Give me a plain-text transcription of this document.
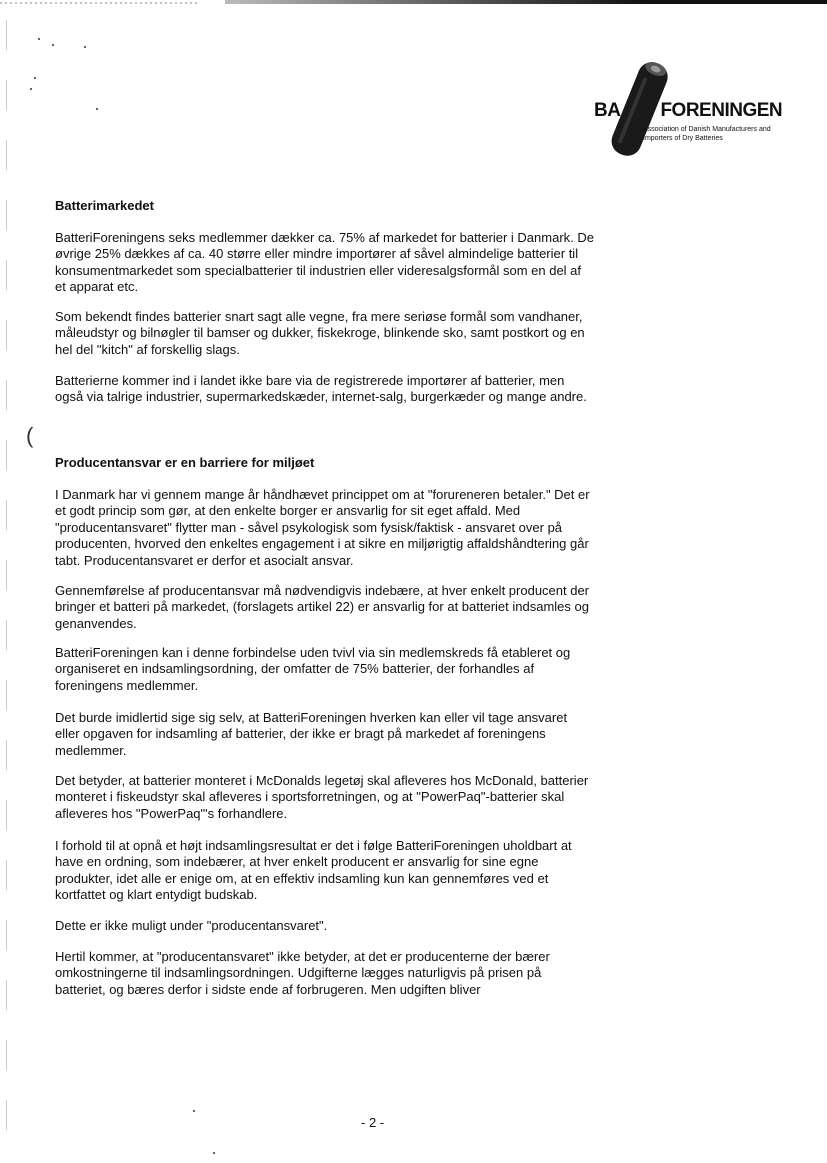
(
BA FORENINGEN
Association of Danish Manufacturers and Importers of Dry Batteries
Batterimarkedet
BatteriForeningens seks medlemmer dækker ca. 75% af markedet for batterier i Danmark. De øvrige 25% dækkes af ca. 40 større eller mindre importører af såvel almindelige batterier til konsumentmarkedet som specialbatterier til industrien eller videresalgsformål som en del af et apparat etc.
Som bekendt findes batterier snart sagt alle vegne, fra mere seriøse formål som vandhaner, måleudstyr og bilnøgler til bamser og dukker, fiskekroge, blinkende sko, samt postkort og en hel del "kitch" af forskellig slags.
Batterierne kommer ind i landet ikke bare via de registrerede importører af batterier, men også via talrige industrier, supermarkedskæder, internet-salg, burgerkæder og mange andre.
Producentansvar er en barriere for miljøet
I Danmark har vi gennem mange år håndhævet princippet om at "forureneren betaler." Det er et godt princip som gør, at den enkelte borger er ansvarlig for sit eget affald. Med "producentansvaret" flytter man - såvel psykologisk som fysisk/faktisk - ansvaret over på producenten, hvorved den enkeltes engagement i at sikre en miljørigtig affaldshåndtering går tabt. Producentansvaret er derfor et asocialt ansvar.
Gennemførelse af producentansvar må nødvendigvis indebære, at hver enkelt producent der bringer et batteri på markedet, (forslagets artikel 22) er ansvarlig for at batteriet indsamles og genanvendes.
BatteriForeningen kan i denne forbindelse uden tvivl via sin medlemskreds få etableret og organiseret en indsamlingsordning, der omfatter de 75% batterier, der forhandles af foreningens medlemmer.
Det burde imidlertid sige sig selv, at BatteriForeningen hverken kan eller vil tage ansvaret eller opgaven for indsamling af batterier, der ikke er bragt på markedet af foreningens medlemmer.
Det betyder, at batterier monteret i McDonalds legetøj skal afleveres hos McDonald, batterier monteret i fiskeudstyr skal afleveres i sportsforretningen, og at "PowerPaq"-batterier skal afleveres hos "PowerPaq"'s forhandlere.
I forhold til at opnå et højt indsamlingsresultat er det i følge BatteriForeningen uholdbart at have en ordning, som indebærer, at hver enkelt producent er ansvarlig for sine egne produkter, idet alle er enige om, at en effektiv indsamling kun kan gennemføres ved et kortfattet og klart entydigt budskab.
Dette er ikke muligt under "producentansvaret".
Hertil kommer, at "producentansvaret" ikke betyder, at det er producenterne der bærer omkostningerne til indsamlingsordningen. Udgifterne lægges naturligvis på prisen på batteriet, og bæres derfor i sidste ende af forbrugeren. Men udgiften bliver
- 2 -
